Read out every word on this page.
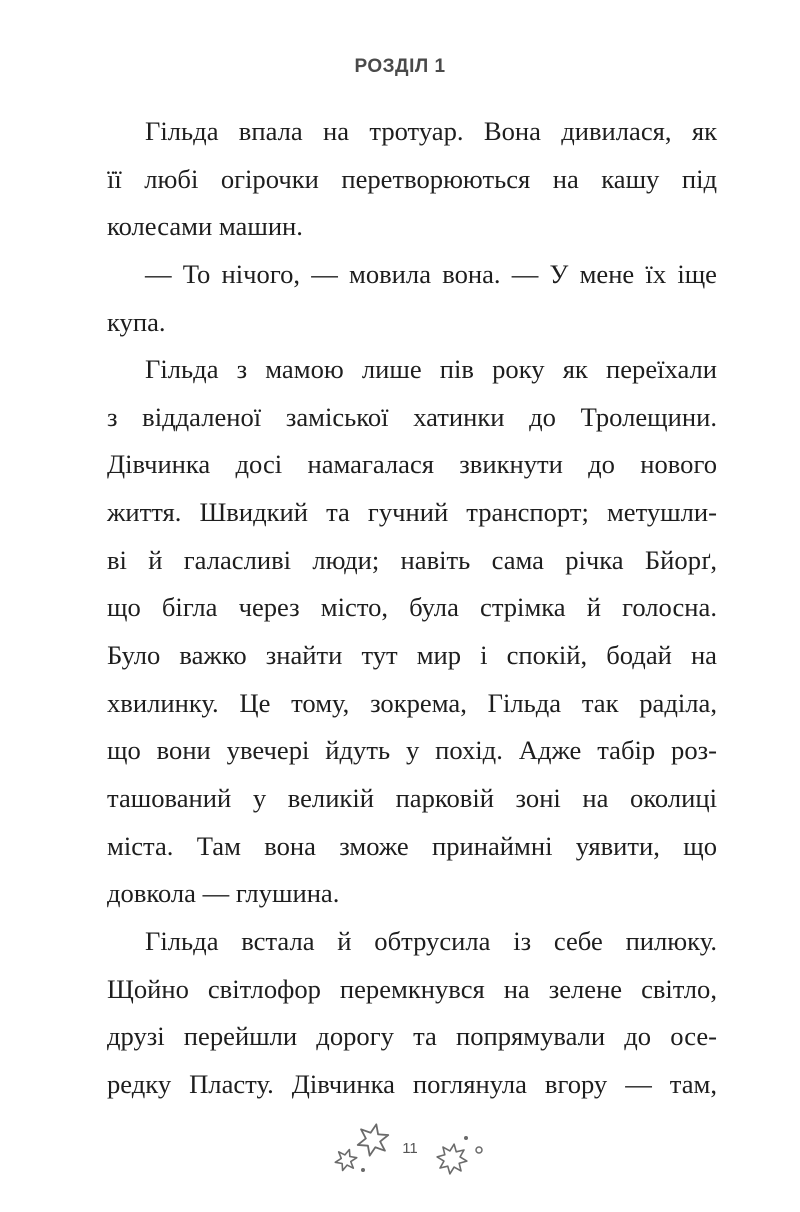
РОЗДІЛ 1
Гільда впала на тротуар. Вона дивилася, як
її любі огірочки перетворюються на кашу під
колесами машин.
— То нічого, — мовила вона. — У мене їх іще
купа.
Гільда з мамою лише пів року як переїхали
з віддаленої заміської хатинки до Тролещини.
Дівчинка досі намагалася звикнути до нового
життя. Швидкий та гучний транспорт; метушли-
ві й галасливі люди; навіть сама річка Бйорґ,
що бігла через місто, була стрімка й голосна.
Було важко знайти тут мир і спокій, бодай на
хвилинку. Це тому, зокрема, Гільда так раділа,
що вони увечері йдуть у похід. Адже табір роз-
ташований у великій парковій зоні на околиці
міста. Там вона зможе принаймні уявити, що
довкола — глушина.
Гільда встала й обтрусила із себе пилюку.
Щойно світлофор перемкнувся на зелене світло,
друзі перейшли дорогу та попрямували до осе-
редку Пласту. Дівчинка поглянула вгору — там,
11
